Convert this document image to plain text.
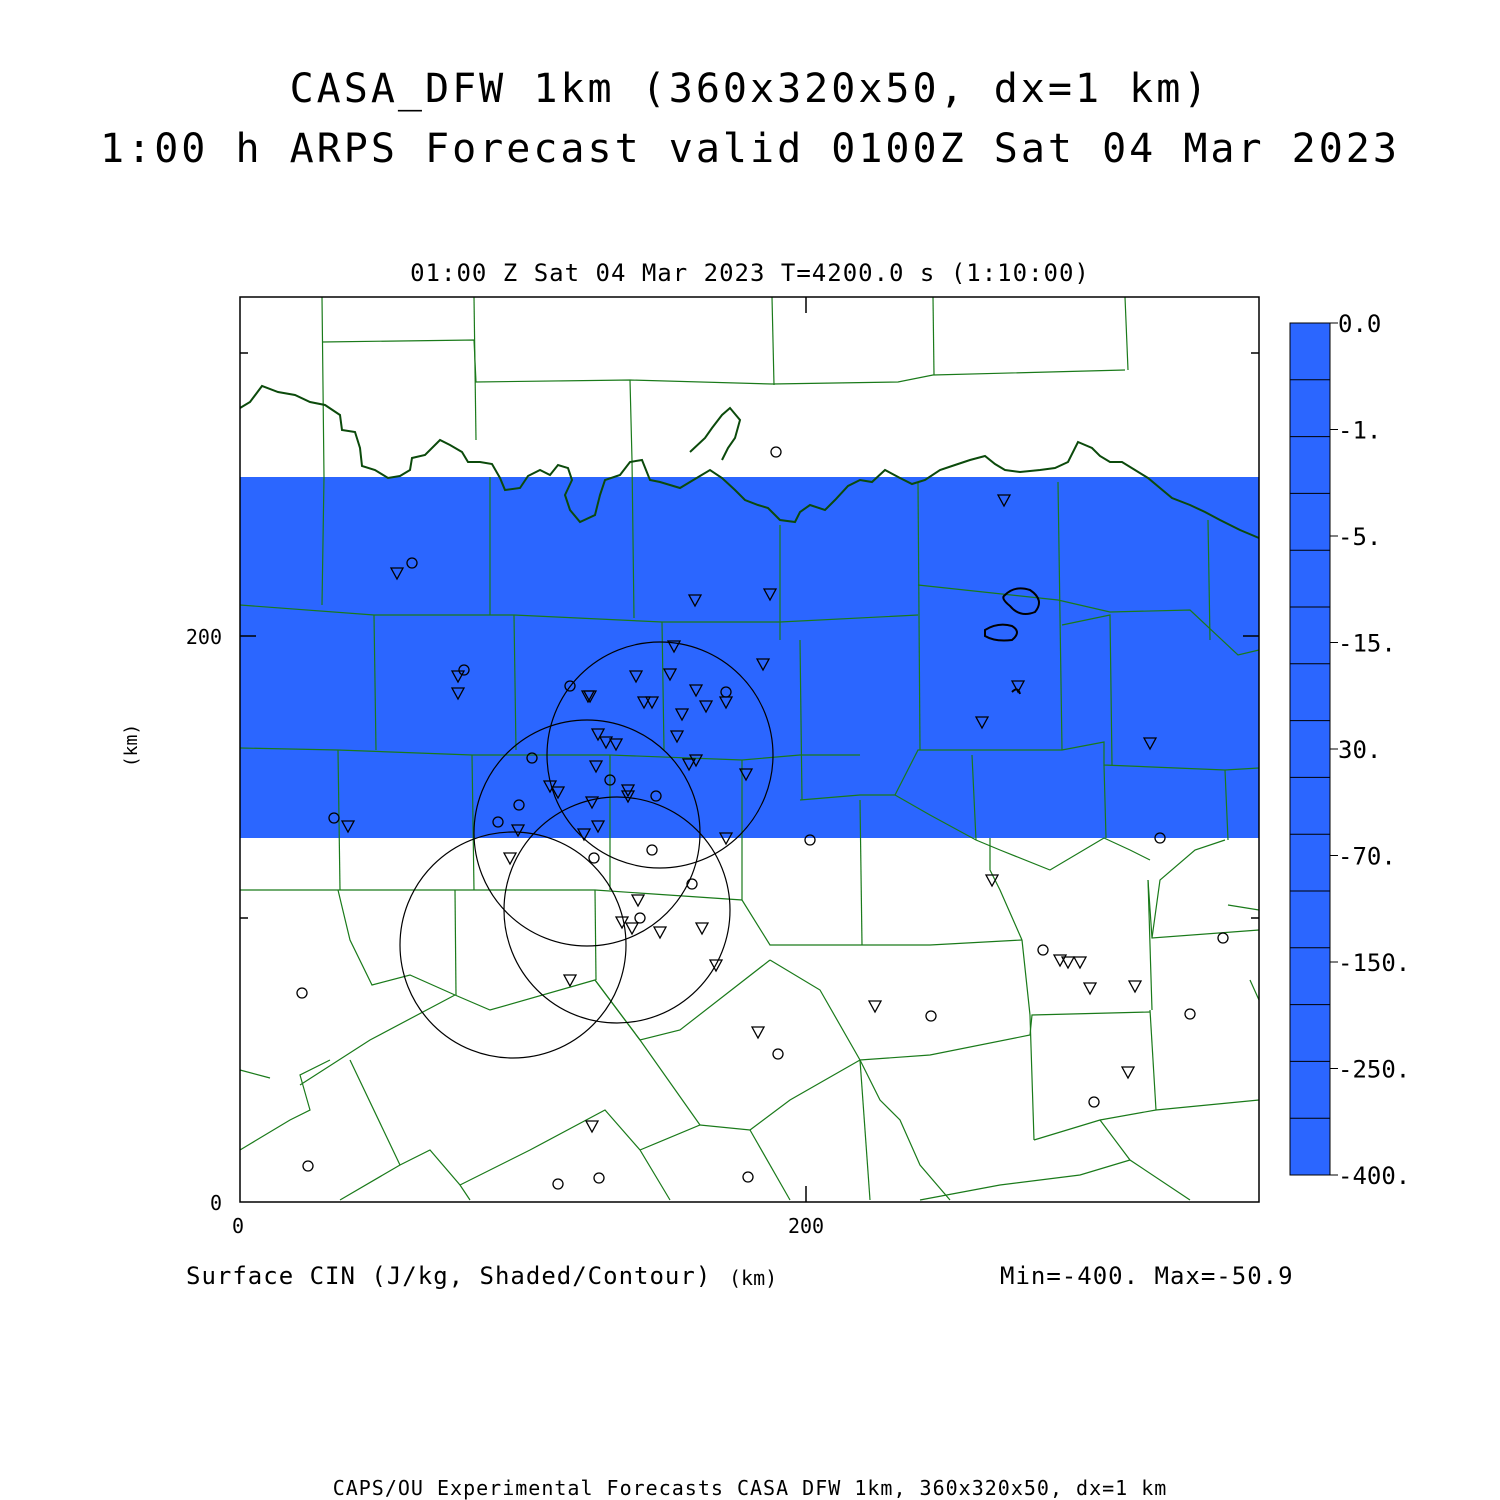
CASA_DFW 1km (360x320x50, dx=1 km)
1:00 h ARPS Forecast valid 0100Z Sat 04 Mar 2023
01:00 Z Sat 04 Mar 2023 T=4200.0 s (1:10:00)
0	200
0
200
0.0
-1.
-5.
-15.
30.
-70.
-150.
-250.
-400.
(km)
Surface CIN (J/kg, Shaded/Contour) (km)	Min=-400. Max=-50.9
CAPS/OU Experimental Forecasts CASA DFW 1km, 360x320x50, dx=1 km
